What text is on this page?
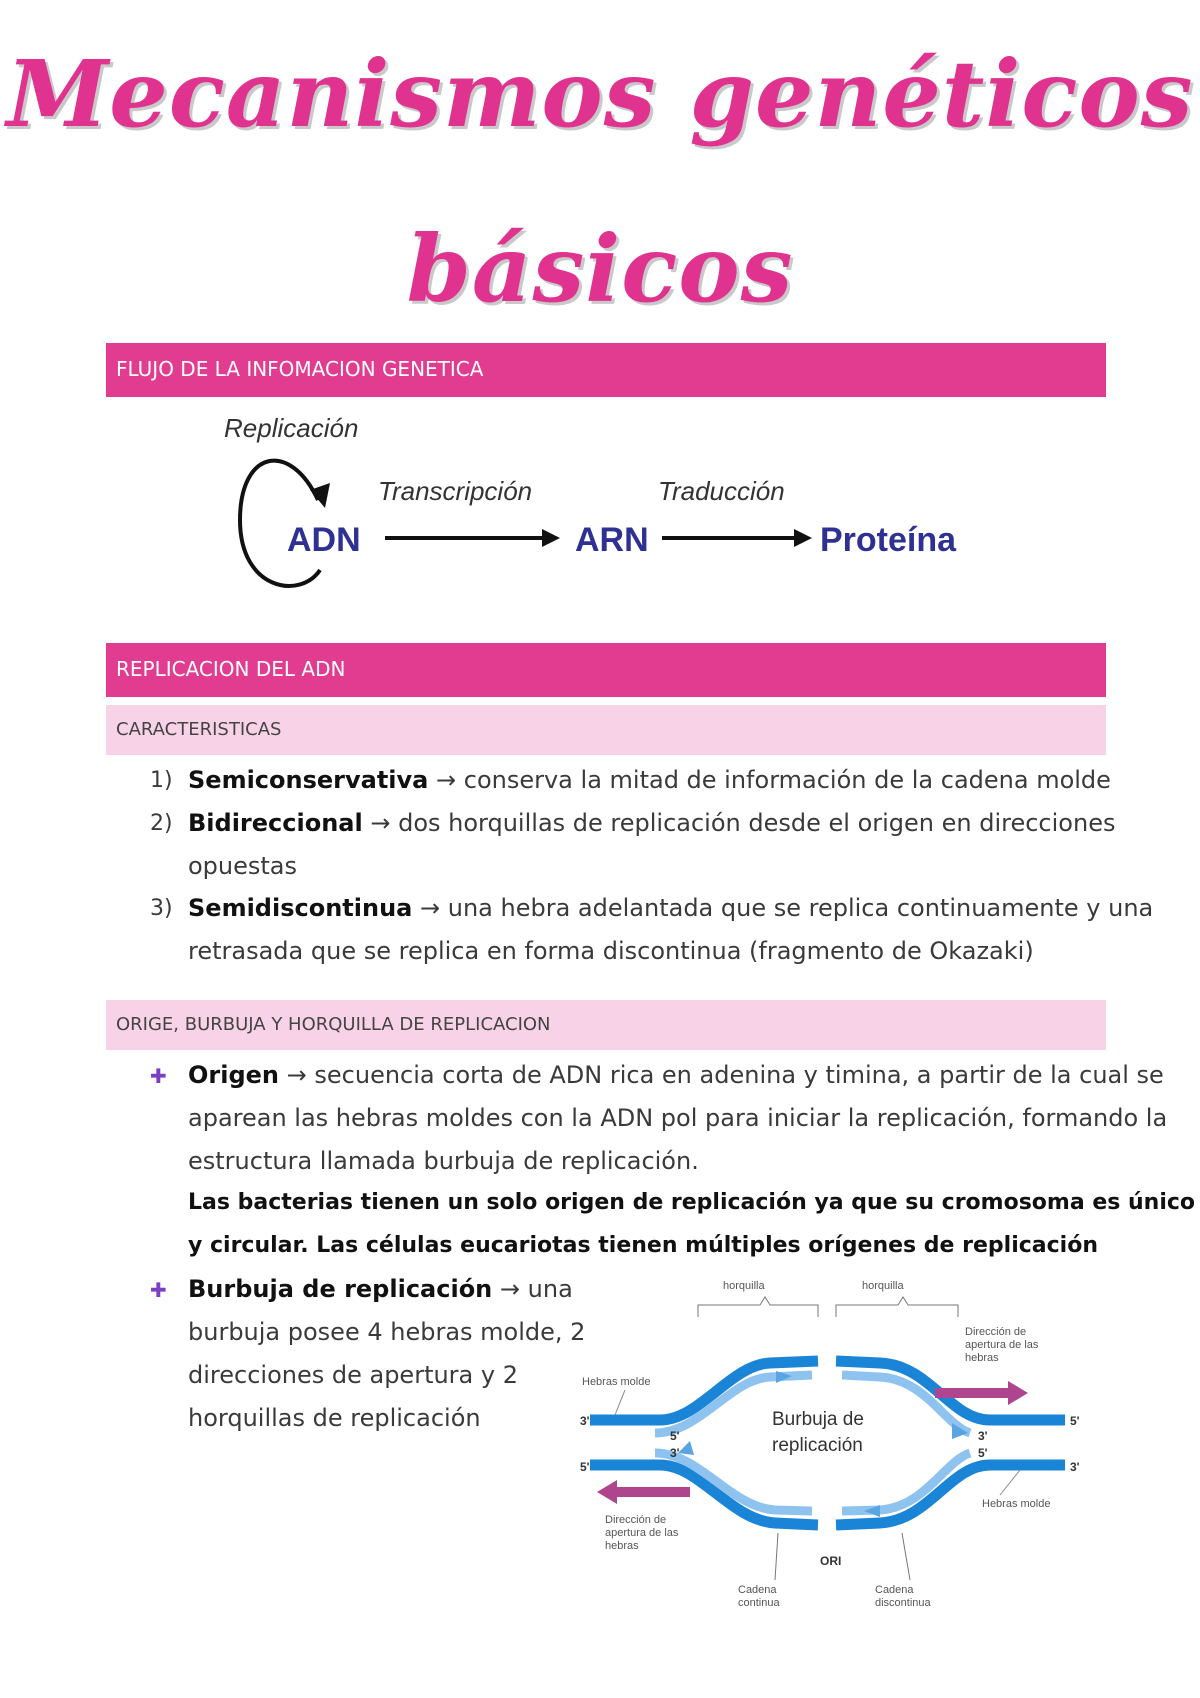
Mecanismos genéticos
básicos
FLUJO DE LA INFOMACION GENETICA
Replicación
ADN
Transcripción
ARN
Traducción
Proteína
REPLICACION DEL ADN
CARACTERISTICAS
1) Semiconservativa → conserva la mitad de información de la cadena molde
2) Bidireccional → dos horquillas de replicación desde el origen en direcciones
opuestas
3) Semidiscontinua → una hebra adelantada que se replica continuamente y una
retrasada que se replica en forma discontinua (fragmento de Okazaki)
ORIGE, BURBUJA Y HORQUILLA DE REPLICACION
✚ Origen → secuencia corta de ADN rica en adenina y timina, a partir de la cual se
aparean las hebras moldes con la ADN pol para iniciar la replicación, formando la
estructura llamada burbuja de replicación.
Las bacterias tienen un solo origen de replicación ya que su cromosoma es único
y circular. Las células eucariotas tienen múltiples orígenes de replicación
✚ Burbuja de replicación → una
burbuja posee 4 hebras molde, 2
direcciones de apertura y 2
horquillas de replicación
horquilla	horquilla
Dirección de
apertura de las
hebras
Dirección de
apertura de las
hebras
Hebras molde
Hebras molde
Burbuja de
replicación
ORI
Cadena
continua
Cadena
discontinua
3'
5'
5'
3'
5'
3'
3'
5'
